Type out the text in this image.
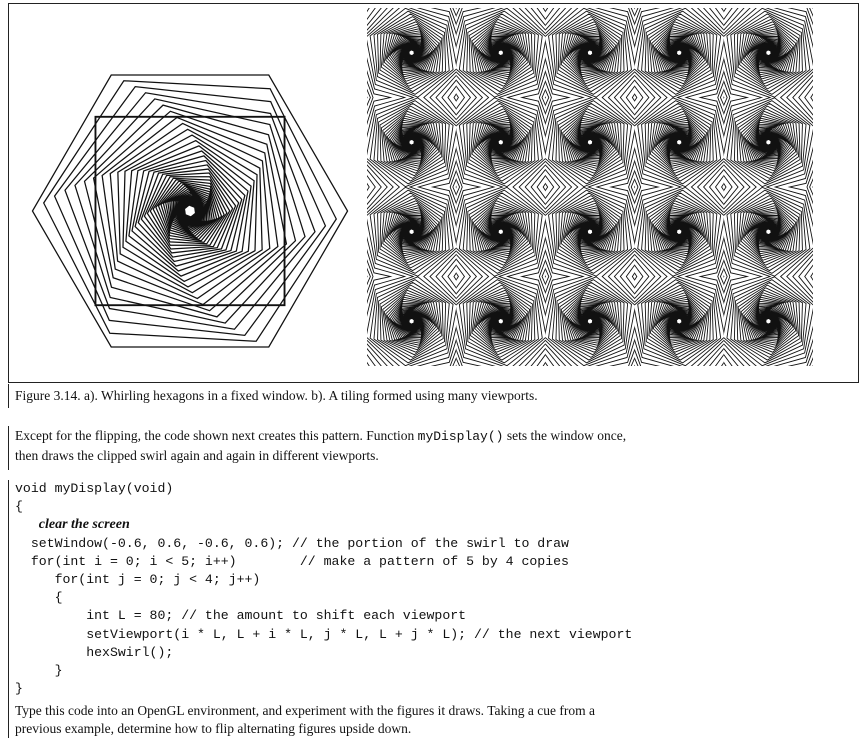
Figure 3.14. a). Whirling hexagons in a fixed window. b). A tiling formed using many viewports.
Except for the flipping, the code shown next creates this pattern. Function myDisplay() sets the window once,
then draws the clipped swirl again and again in different viewports.
void myDisplay(void)
{
clear the screen
setWindow(-0.6, 0.6, -0.6, 0.6); // the portion of the swirl to draw
for(int i = 0; i < 5; i++)        // make a pattern of 5 by 4 copies
for(int j = 0; j < 4; j++)
{
int L = 80; // the amount to shift each viewport
setViewport(i * L, L + i * L, j * L, L + j * L); // the next viewport
hexSwirl();
}
}
Type this code into an OpenGL environment, and experiment with the figures it draws. Taking a cue from a
previous example, determine how to flip alternating figures upside down.
